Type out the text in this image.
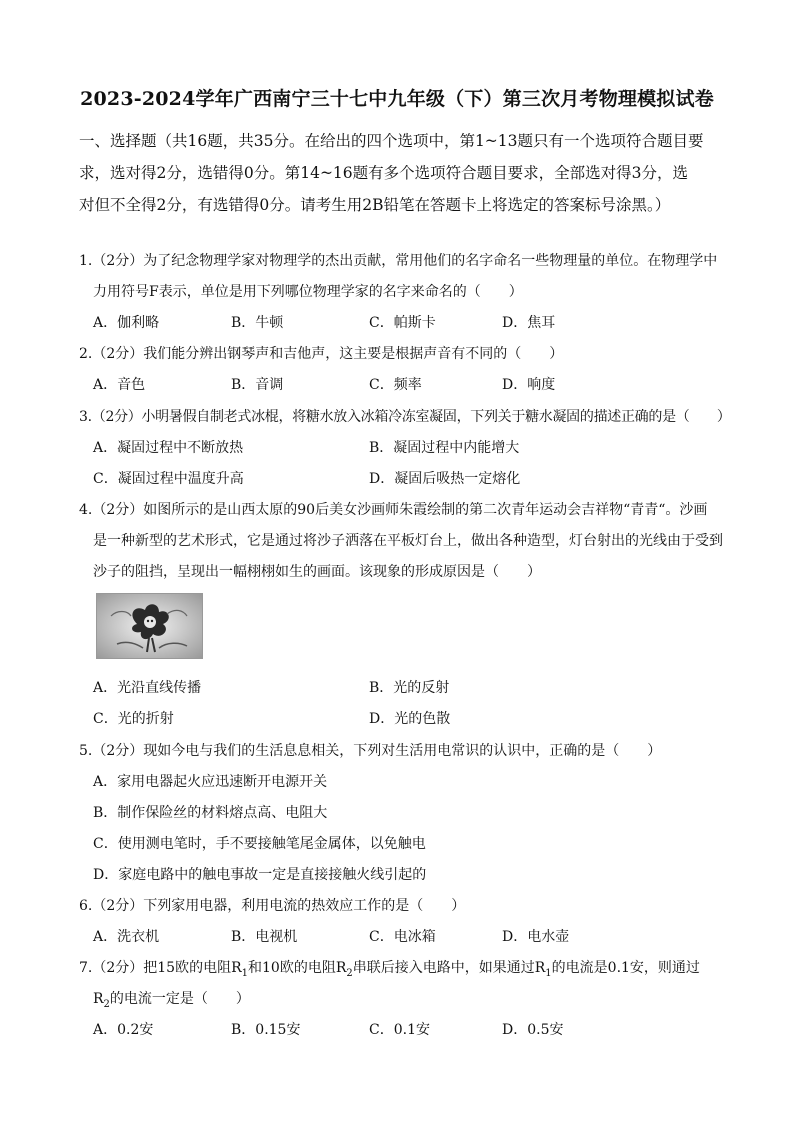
2023-2024学年广西南宁三十七中九年级（下）第三次月考物理模拟试卷
一、选择题（共16题，共35分。在给出的四个选项中，第1~13题只有一个选项符合题目要
求，选对得2分，选错得0分。第14~16题有多个选项符合题目要求，全部选对得3分，选
对但不全得2分，有选错得0分。请考生用2B铅笔在答题卡上将选定的答案标号涂黑。）
1.（2分）为了纪念物理学家对物理学的杰出贡献，常用他们的名字命名一些物理量的单位。在物理学中
力用符号F表示，单位是用下列哪位物理学家的名字来命名的（　　）
A．伽利略	B．牛顿	C．帕斯卡	D．焦耳
2.（2分）我们能分辨出钢琴声和吉他声，这主要是根据声音有不同的（　　）
A．音色	B．音调	C．频率	D．响度
3.（2分）小明暑假自制老式冰棍，将糖水放入冰箱冷冻室凝固，下列关于糖水凝固的描述正确的是（　　）
A．凝固过程中不断放热	B．凝固过程中内能增大
C．凝固过程中温度升高	D．凝固后吸热一定熔化
4.（2分）如图所示的是山西太原的90后美女沙画师朱霞绘制的第二次青年运动会吉祥物“青青“。沙画
是一种新型的艺术形式，它是通过将沙子洒落在平板灯台上，做出各种造型，灯台射出的光线由于受到
沙子的阻挡，呈现出一幅栩栩如生的画面。该现象的形成原因是（　　）
A．光沿直线传播	B．光的反射
C．光的折射	D．光的色散
5.（2分）现如今电与我们的生活息息相关，下列对生活用电常识的认识中，正确的是（　　）
A．家用电器起火应迅速断开电源开关
B．制作保险丝的材料熔点高、电阻大
C．使用测电笔时，手不要接触笔尾金属体，以免触电
D．家庭电路中的触电事故一定是直接接触火线引起的
6.（2分）下列家用电器，利用电流的热效应工作的是（　　）
A．洗衣机	B．电视机	C．电冰箱	D．电水壶
7.（2分）把15欧的电阻$R_1$和10欧的电阻$R_2$串联后接入电路中，如果通过$R_1$的电流是0.1安，则通过
$R_2$的电流一定是（　　）
A．0.2安	B．0.15安	C．0.1安	D．0.5安
